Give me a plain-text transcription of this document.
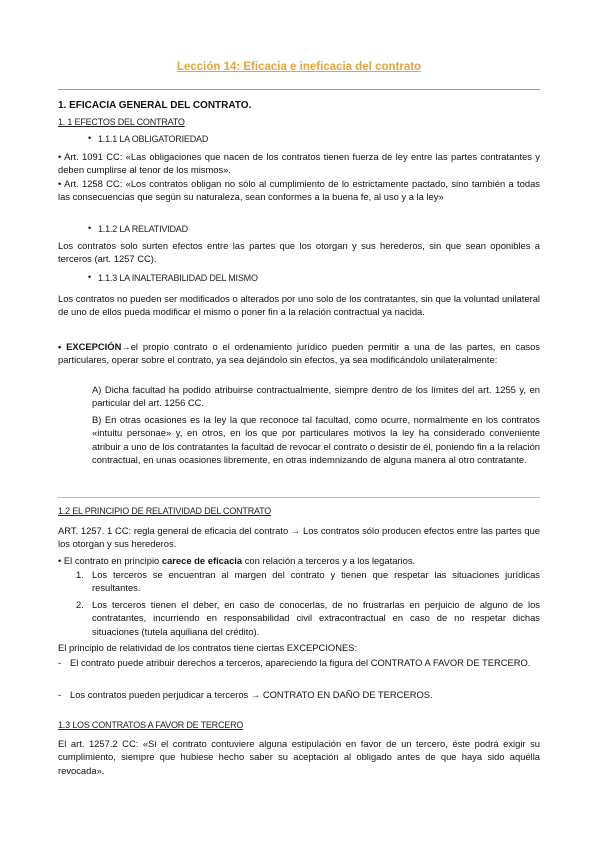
Lección 14: Eficacia e ineficacia del contrato
1. EFICACIA GENERAL DEL CONTRATO.
1. 1 EFECTOS DEL CONTRATO
• 1.1.1 LA OBLIGATORIEDAD
• Art. 1091 CC: «Las obligaciones que nacen de los contratos tienen fuerza de ley entre las partes contratantes y deben cumplirse al tenor de los mismos».
• Art. 1258 CC: «Los contratos obligan no sólo al cumplimiento de lo estrictamente pactado, sino también a todas las consecuencias que según su naturaleza, sean conformes a la buena fe, al uso y a la ley»
• 1.1.2 LA RELATIVIDAD
Los contratos solo surten efectos entre las partes que los otorgan y sus herederos, sin que sean oponibles a terceros (art. 1257 CC).
• 1.1.3 LA INALTERABILIDAD DEL MISMO
Los contratos no pueden ser modificados o alterados por uno solo de los contratantes, sin que la voluntad unilateral de uno de ellos pueda modificar el mismo o poner fin a la relación contractual ya nacida.
• EXCEPCIÓN→el propio contrato o el ordenamiento jurídico pueden permitir a una de las partes, en casos particulares, operar sobre el contrato, ya sea dejándolo sin efectos, ya sea modificándolo unilateralmente:
A) Dicha facultad ha podido atribuirse contractualmente, siempre dentro de los límites del art. 1255 y, en particular del art. 1256 CC.
B) En otras ocasiones es la ley la que reconoce tal facultad, como ocurre, normalmente en los contratos «intuitu personae» y, en otros, en los que por particulares motivos la ley ha considerado conveniente atribuir a uno de los contratantes la facultad de revocar el contrato o desistir de él, poniendo fin a la relación contractual, en unas ocasiones libremente, en otras indemnizando de alguna manera al otro contratante.
1.2 EL PRINCIPIO DE RELATIVIDAD DEL CONTRATO
ART. 1257. 1 CC: regla general de eficacia del contrato → Los contratos sólo producen efectos entre las partes que los otorgan y sus herederos.
• El contrato en principio carece de eficacia con relación a terceros y a los legatarios.
1. Los terceros se encuentran al margen del contrato y tienen que respetar las situaciones jurídicas resultantes.
2. Los terceros tienen el deber, en caso de conocerlas, de no frustrarlas en perjuicio de alguno de los contratantes, incurriendo en responsabilidad civil extracontractual en caso de no respetar dichas situaciones (tutela aquiliana del crédito).
El principio de relatividad de los contratos tiene ciertas EXCEPCIONES:
- El contrato puede atribuir derechos a terceros, apareciendo la figura del CONTRATO A FAVOR DE TERCERO.
- Los contratos pueden perjudicar a terceros → CONTRATO EN DAÑO DE TERCEROS.
1.3 LOS CONTRATOS A FAVOR DE TERCERO
El art. 1257.2 CC: «Si el contrato contuviere alguna estipulación en favor de un tercero, éste podrá exigir su cumplimiento, siempre que hubiese hecho saber su aceptación al obligado antes de que haya sido aquélla revocada».
